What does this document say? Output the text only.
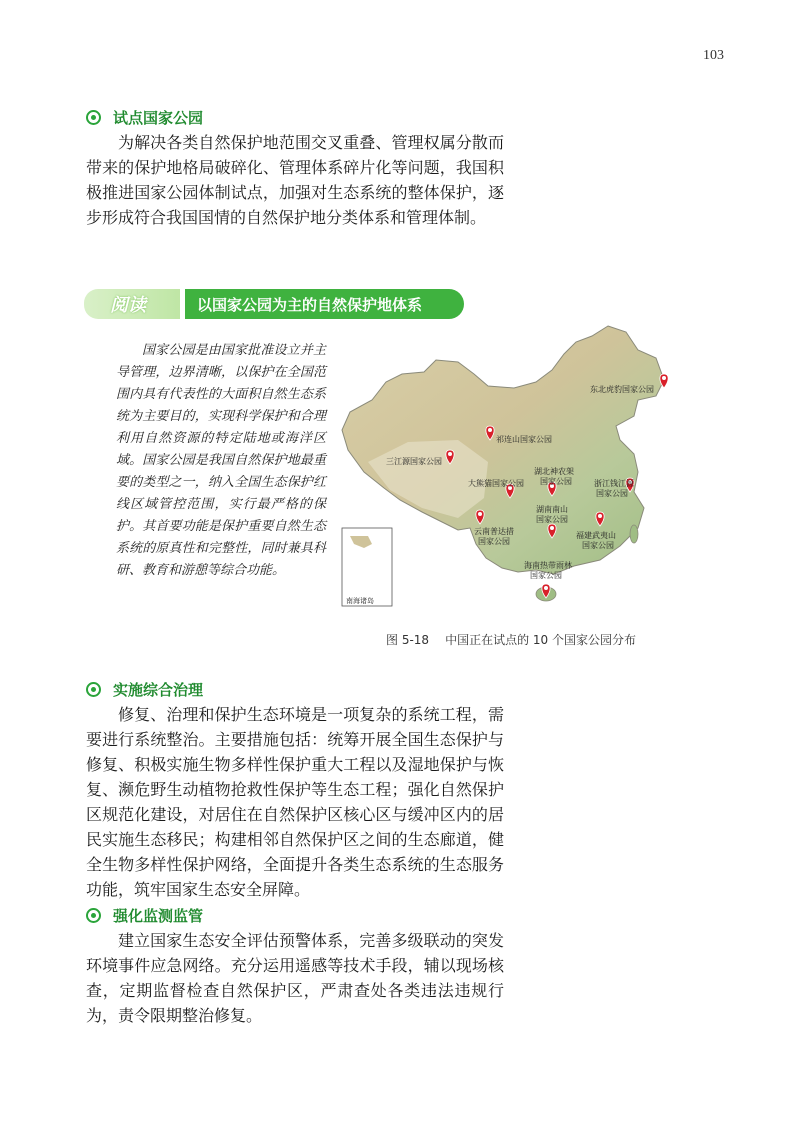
103
试点国家公园

为解决各类自然保护地范围交叉重叠、管理权属分散而带来的保护地格局破碎化、管理体系碎片化等问题，我国积极推进国家公园体制试点，加强对生态系统的整体保护，逐步形成符合我国国情的自然保护地分类体系和管理体制。

阅读	以国家公园为主的自然保护地体系

国家公园是由国家批准设立并主导管理，边界清晰，以保护在全国范围内具有代表性的大面积自然生态系统为主要目的，实现科学保护和合理利用自然资源的特定陆地或海洋区域。国家公园是我国自然保护地最重要的类型之一，纳入全国生态保护红线区域管控范围，实行最严格的保护。其首要功能是保护重要自然生态系统的原真性和完整性，同时兼具科研、教育和游憩等综合功能。

南海诸岛
东北虎豹国家公园
祁连山国家公园
三江源国家公园
湖北神农架
国家公园
大熊猫国家公园	浙江钱江源
国家公园
湖南南山
国家公园
福建武夷山
国家公园
云南普达措
国家公园
海南热带雨林
国家公园
图 5-18 中国正在试点的 10 个国家公园分布
实施综合治理

修复、治理和保护生态环境是一项复杂的系统工程，需要进行系统整治。主要措施包括：统筹开展全国生态保护与修复、积极实施生物多样性保护重大工程以及湿地保护与恢复、濒危野生动植物抢救性保护等生态工程；强化自然保护区规范化建设，对居住在自然保护区核心区与缓冲区内的居民实施生态移民；构建相邻自然保护区之间的生态廊道，健全生物多样性保护网络，全面提升各类生态系统的生态服务功能，筑牢国家生态安全屏障。

强化监测监管

建立国家生态安全评估预警体系，完善多级联动的突发环境事件应急网络。充分运用遥感等技术手段，辅以现场核查，定期监督检查自然保护区，严肃查处各类违法违规行为，责令限期整治修复。
